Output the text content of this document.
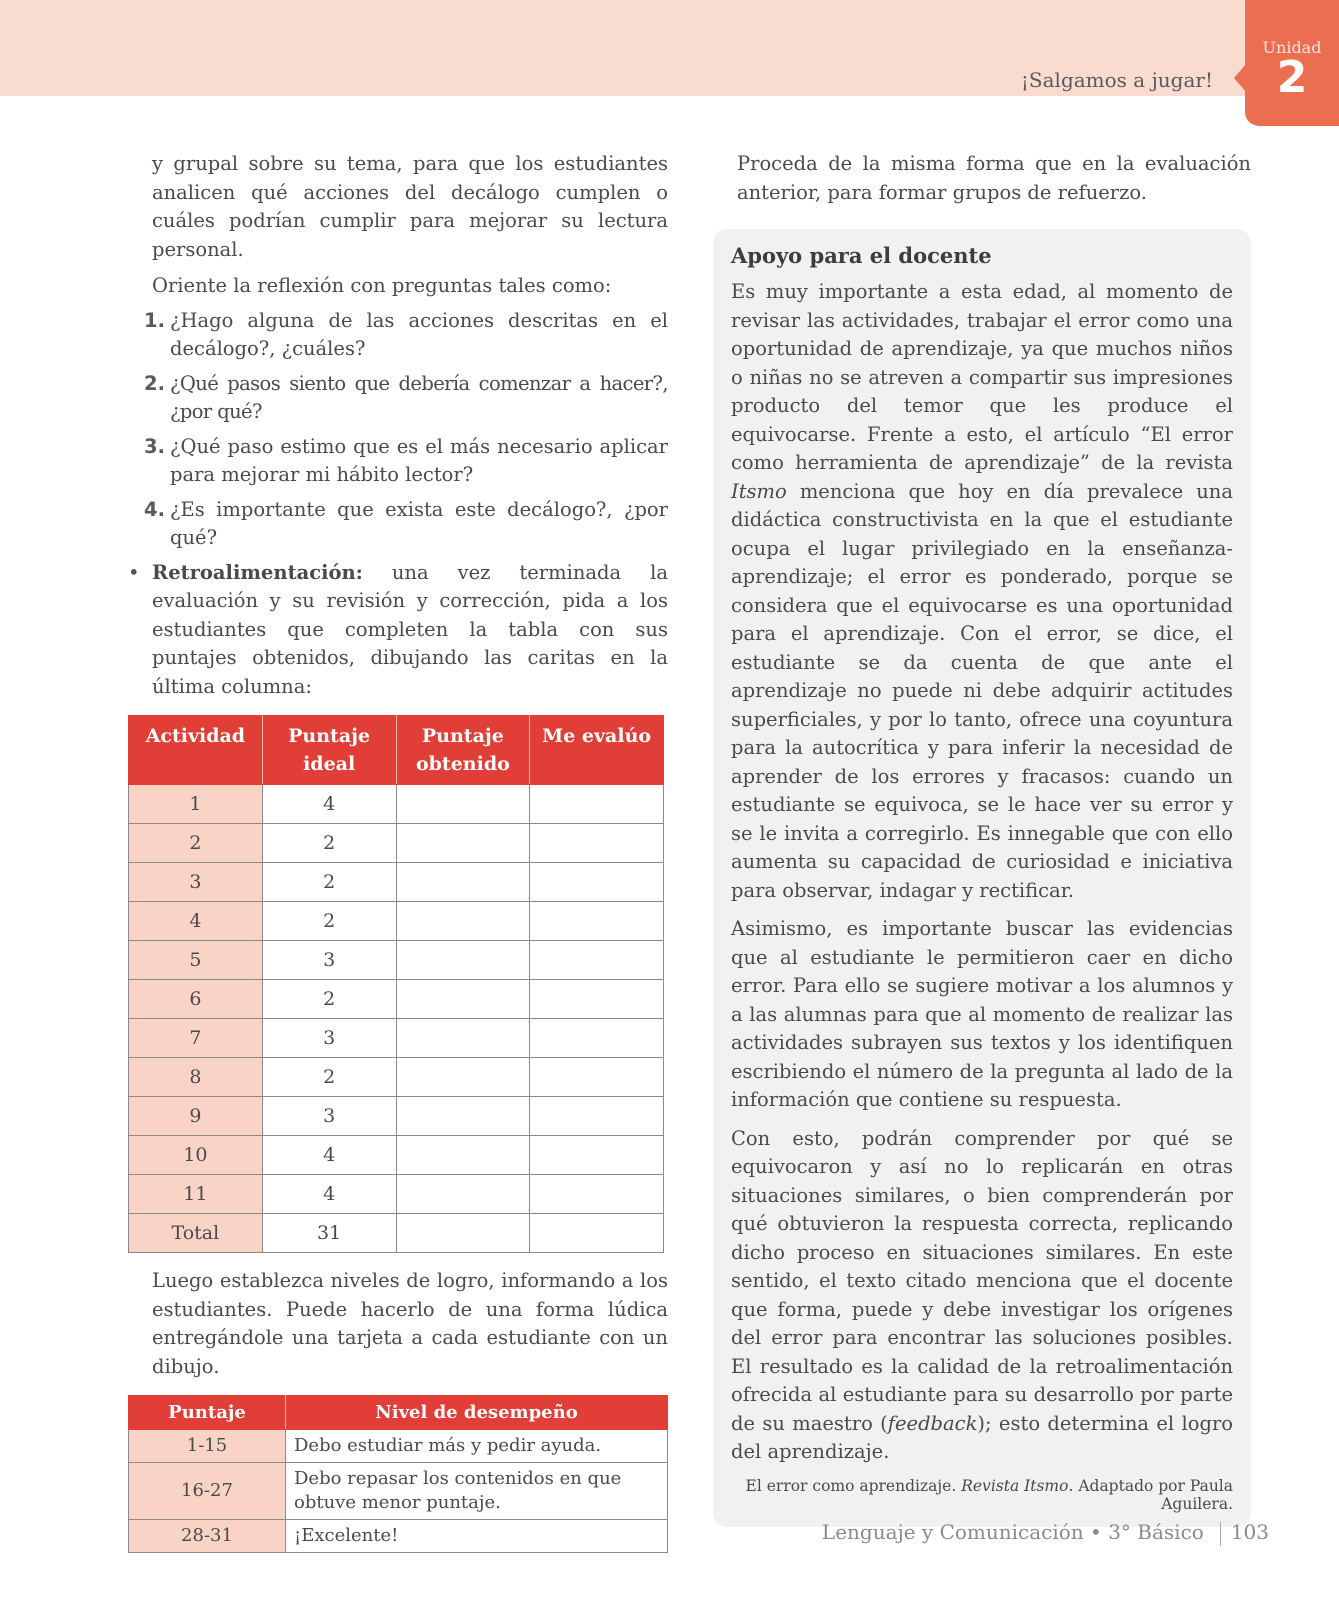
¡Salgamos a jugar!
Unidad
2

y grupal sobre su tema, para que los estudiantes analicen qué acciones del decálogo cumplen o cuáles podrían cumplir para mejorar su lectura personal.

Oriente la reflexión con preguntas tales como:

1. ¿Hago alguna de las acciones descritas en el decálogo?, ¿cuáles?
2. ¿Qué pasos siento que debería comenzar a hacer?, ¿por qué?
3. ¿Qué paso estimo que es el más necesario aplicar para mejorar mi hábito lector?
4. ¿Es importante que exista este decálogo?, ¿por qué?
• Retroalimentación: una vez terminada la evaluación y su revisión y corrección, pida a los estudiantes que completen la tabla con sus puntajes obtenidos, dibujando las caritas en la última columna:
Actividad	Puntaje ideal	Puntaje obtenido	Me evalúo
1	4		
2	2		
3	2		
4	2		
5	3		
6	2		
7	3		
8	2		
9	3		
10	4		
11	4		
Total	31		

Luego establezca niveles de logro, informando a los estudiantes. Puede hacerlo de una forma lúdica entregándole una tarjeta a cada estudiante con un dibujo.

Puntaje	Nivel de desempeño
1-15	Debo estudiar más y pedir ayuda.
16-27	Debo repasar los contenidos en que obtuve menor puntaje.
28-31	¡Excelente!

Proceda de la misma forma que en la evaluación anterior, para formar grupos de refuerzo.

Apoyo para el docente

Es muy importante a esta edad, al momento de revisar las actividades, trabajar el error como una oportunidad de aprendizaje, ya que muchos niños o niñas no se atreven a compartir sus impresiones producto del temor que les produce el equivocarse. Frente a esto, el artículo “El error como herramienta de aprendizaje” de la revista Itsmo menciona que hoy en día prevalece una didáctica constructivista en la que el estudiante ocupa el lugar privilegiado en la enseñanza-aprendizaje; el error es ponderado, porque se considera que el equivocarse es una oportunidad para el aprendizaje. Con el error, se dice, el estudiante se da cuenta de que ante el aprendizaje no puede ni debe adquirir actitudes superficiales, y por lo tanto, ofrece una coyuntura para la autocrítica y para inferir la necesidad de aprender de los errores y fracasos: cuando un estudiante se equivoca, se le hace ver su error y se le invita a corregirlo. Es innegable que con ello aumenta su capacidad de curiosidad e iniciativa para observar, indagar y rectificar.

Asimismo, es importante buscar las evidencias que al estudiante le permitieron caer en dicho error. Para ello se sugiere motivar a los alumnos y a las alumnas para que al momento de realizar las actividades subrayen sus textos y los identifiquen escribiendo el número de la pregunta al lado de la información que contiene su respuesta.

Con esto, podrán comprender por qué se equivocaron y así no lo replicarán en otras situaciones similares, o bien comprenderán por qué obtuvieron la respuesta correcta, replicando dicho proceso en situaciones similares. En este sentido, el texto citado menciona que el docente que forma, puede y debe investigar los orígenes del error para encontrar las soluciones posibles. El resultado es la calidad de la retroalimentación ofrecida al estudiante para su desarrollo por parte de su maestro (feedback); esto determina el logro del aprendizaje.

El error como aprendizaje. Revista Itsmo. Adaptado por Paula Aguilera.
Lenguaje y Comunicación • 3° Básico 103
